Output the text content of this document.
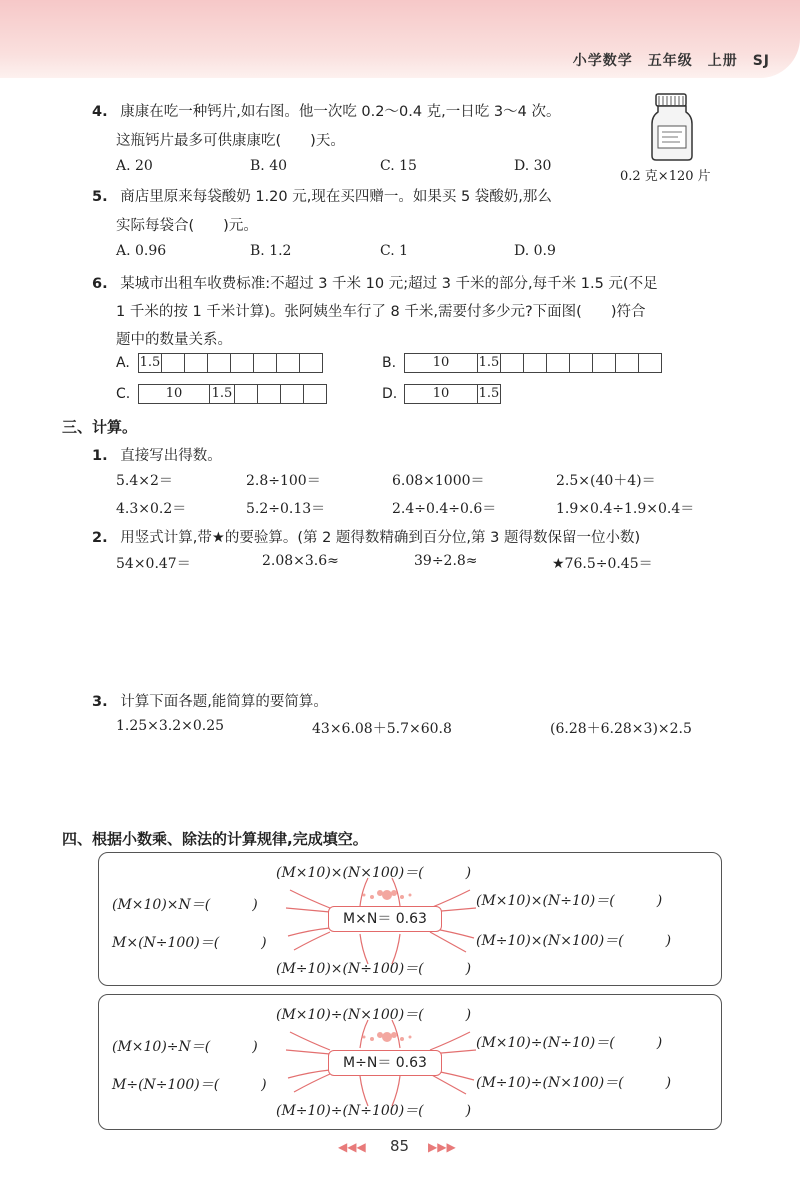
小学数学　五年级　上册　SJ
4. 康康在吃一种钙片,如右图。他一次吃 0.2～0.4 克,一日吃 3～4 次。
这瓶钙片最多可供康康吃(　　)天。
A. 20	B. 40	C. 15	D. 30
0.2 克×120 片
5. 商店里原来每袋酸奶 1.20 元,现在买四赠一。如果买 5 袋酸奶,那么
实际每袋合(　　)元。
A. 0.96	B. 1.2	C. 1	D. 0.9
6. 某城市出租车收费标准:不超过 3 千米 10 元;超过 3 千米的部分,每千米 1.5 元(不足
1 千米的按 1 千米计算)。张阿姨坐车行了 8 千米,需要付多少元?下面图(　　)符合
题中的数量关系。
A. 1.5	B.	10	1.5
C.	10	1.5	D.	10	1.5
三、计算。
1. 直接写出得数。
5.4×2＝	2.8÷100＝	6.08×1000＝	2.5×(40＋4)＝
4.3×0.2＝	5.2÷0.13＝	2.4÷0.4÷0.6＝	1.9×0.4÷1.9×0.4＝
2. 用竖式计算,带★的要验算。(第 2 题得数精确到百分位,第 3 题得数保留一位小数)
54×0.47＝	2.08×3.6≈	39÷2.8≈	★76.5÷0.45＝
3. 计算下面各题,能简算的要简算。
1.25×3.2×0.25	43×6.08＋5.7×60.8	(6.28＋6.28×3)×2.5
四、根据小数乘、除法的计算规律,完成填空。
M×N＝ 0.63
(M×10)×(N×100)＝(　　　)
(M×10)×N＝(　　　)
M×(N÷100)＝(　　　)
(M×10)×(N÷10)＝(　　　)
(M÷10)×(N×100)＝(　　　)
(M÷10)×(N÷100)＝(　　　)
M÷N＝ 0.63
(M×10)÷(N×100)＝(　　　)
(M×10)÷N＝(　　　)
M÷(N÷100)＝(　　　)
(M×10)÷(N÷10)＝(　　　)
(M÷10)÷(N×100)＝(　　　)
(M÷10)÷(N÷100)＝(　　　)
◀◀◀ 85 ▶▶▶
